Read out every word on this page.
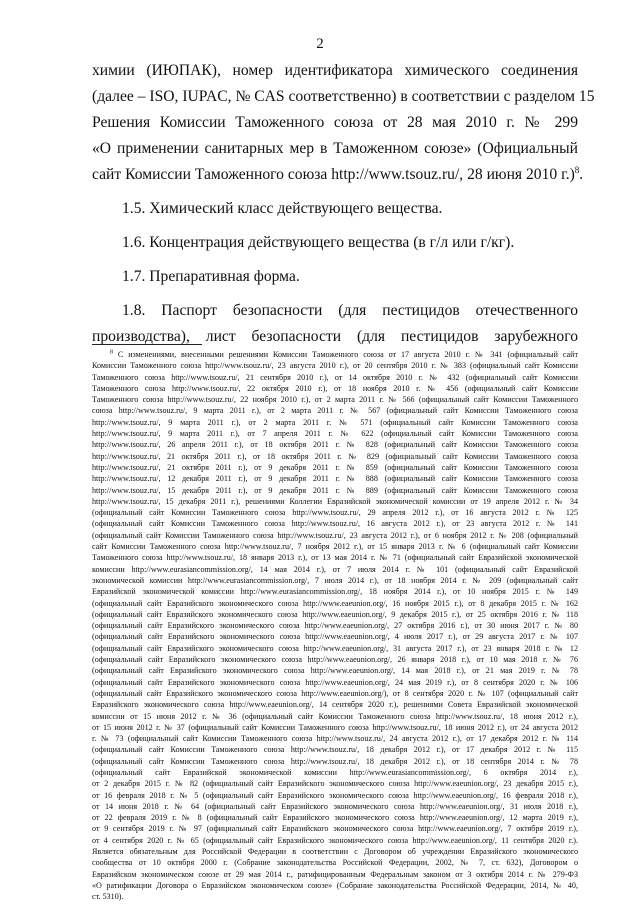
2
химии (ИЮПАК), номер идентификатора химического соединения
(далее – ISO, IUPAC, № CAS соответственно) в соответствии с разделом 15
Решения Комиссии Таможенного союза от 28 мая 2010 г. № 299
«О применении санитарных мер в Таможенном союзе» (Официальный
сайт Комиссии Таможенного союза http://www.tsouz.ru/, 28 июня 2010 г.)$^8$.
1.5. Химический класс действующего вещества.
1.6. Концентрация действующего вещества (в г/л или г/кг).
1.7. Препаративная форма.
1.8. Паспорт безопасности (для пестицидов отечественного
производства), лист безопасности (для пестицидов зарубежного
$^8$ С изменениями, внесенными решениями Комиссии Таможенного союза от 17 августа 2010 г. № 341 (официальный сайт
Комиссии Таможенного союза http://www.tsouz.ru/, 23 августа 2010 г.), от 20 сентября 2010 г. № 383 (официальный сайт Комиссии
Таможенного союза http://www.tsouz.ru/, 21 сентября 2010 г.), от 14 октября 2010 г. № 432 (официальный сайт Комиссии
Таможенного союза http://www.tsouz.ru/, 22 октября 2010 г.), от 18 ноября 2010 г. № 456 (официальный сайт Комиссии
Таможенного союза http://www.tsouz.ru/, 22 ноября 2010 г.), от 2 марта 2011 г. № 566 (официальный сайт Комиссии Таможенного
союза http://www.tsouz.ru/, 9 марта 2011 г.), от 2 марта 2011 г. № 567 (официальный сайт Комиссии Таможенного союза
http://www.tsouz.ru/, 9 марта 2011 г.), от 2 марта 2011 г. № 571 (официальный сайт Комиссии Таможенного союза
http://www.tsouz.ru/, 9 марта 2011 г.), от 7 апреля 2011 г. № 622 (официальный сайт Комиссии Таможенного союза
http://www.tsouz.ru/, 26 апреля 2011 г.), от 18 октября 2011 г. № 828 (официальный сайт Комиссии Таможенного союза
http://www.tsouz.ru/, 21 октября 2011 г.), от 18 октября 2011 г. № 829 (официальный сайт Комиссии Таможенного союза
http://www.tsouz.ru/, 21 октября 2011 г.), от 9 декабря 2011 г. № 859 (официальный сайт Комиссии Таможенного союза
http://www.tsouz.ru/, 12 декабря 2011 г.), от 9 декабря 2011 г. № 888 (официальный сайт Комиссии Таможенного союза
http://www.tsouz.ru/, 15 декабря 2011 г.), от 9 декабря 2011 г. № 889 (официальный сайт Комиссии Таможенного союза
http://www.tsouz.ru/, 15 декабря 2011 г.), решениями Коллегии Евразийской экономической комиссии от 19 апреля 2012 г. № 34
(официальный сайт Комиссии Таможенного союза http://www.tsouz.ru/, 29 апреля 2012 г.), от 16 августа 2012 г. № 125
(официальный сайт Комиссии Таможенного союза http://www.tsouz.ru/, 16 августа 2012 г.), от 23 августа 2012 г. № 141
(официальный сайт Комиссии Таможенного союза http://www.tsouz.ru/, 23 августа 2012 г.), от 6 ноября 2012 г. № 208 (официальный
сайт Комиссии Таможенного союза http://www.tsouz.ru/, 7 ноября 2012 г.), от 15 января 2013 г. № 6 (официальный сайт Комиссии
Таможенного союза http://www.tsouz.ru/, 18 января 2013 г.), от 13 мая 2014 г. № 71 (официальный сайт Евразийской экономической
комиссии http://www.eurasiancommission.org/, 14 мая 2014 г.), от 7 июля 2014 г. № 101 (официальный сайт Евразийской
экономической комиссии http://www.eurasiancommission.org/, 7 июля 2014 г.), от 18 ноября 2014 г. № 209 (официальный сайт
Евразийской экономической комиссии http://www.eurasiancommission.org/, 18 ноября 2014 г.), от 10 ноября 2015 г. № 149
(официальный сайт Евразийского экономического союза http://www.eaeunion.org/, 16 ноября 2015 г.), от 8 декабря 2015 г. № 162
(официальный сайт Евразийского экономического союза http://www.eaeunion.org/, 9 декабря 2015 г.), от 25 октября 2016 г. № 118
(официальный сайт Евразийского экономического союза http://www.eaeunion.org/, 27 октября 2016 г.), от 30 июня 2017 г. № 80
(официальный сайт Евразийского экономического союза http://www.eaeunion.org/, 4 июля 2017 г.), от 29 августа 2017 г. № 107
(официальный сайт Евразийского экономического союза http://www.eaeunion.org/, 31 августа 2017 г.), от 23 января 2018 г. № 12
(официальный сайт Евразийского экономического союза http://www.eaeunion.org/, 26 января 2018 г.), от 10 мая 2018 г. № 76
(официальный сайт Евразийского экономического союза http://www.eaeunion.org/, 14 мая 2018 г.), от 21 мая 2019 г. № 78
(официальный сайт Евразийского экономического союза http://www.eaeunion.org/, 24 мая 2019 г.), от 8 сентября 2020 г. № 106
(официальный сайт Евразийского экономического союза http://www.eaeunion.org/), от 8 сентября 2020 г. № 107 (официальный сайт
Евразийского экономического союза http://www.eaeunion.org/, 14 сентября 2020 г.), решениями Совета Евразийской экономической
комиссии от 15 июня 2012 г. № 36 (официальный сайт Комиссии Таможенного союза http://www.tsouz.ru/, 18 июня 2012 г.),
от 15 июня 2012 г. № 37 (официальный сайт Комиссии Таможенного союза http://www.tsouz.ru/, 18 июня 2012 г.), от 24 августа 2012
г. № 73 (официальный сайт Комиссии Таможенного союза http://www.tsouz.ru/, 24 августа 2012 г.), от 17 декабря 2012 г. № 114
(официальный сайт Комиссии Таможенного союза http://www.tsouz.ru/, 18 декабря 2012 г.), от 17 декабря 2012 г. № 115
(официальный сайт Комиссии Таможенного союза http://www.tsouz.ru/, 18 декабря 2012 г.), от 18 сентября 2014 г. № 78
(официальный сайт Евразийской экономической комиссии http://www.eurasiancommission.org/, 6 октября 2014 г.),
от 2 декабря 2015 г. № 82 (официальный сайт Евразийского экономического союза http://www.eaeunion.org/, 23 декабря 2015 г.),
от 16 февраля 2018 г. № 5 (официальный сайт Евразийского экономического союза http://www.eaeunion.org/, 16 февраля 2018 г.),
от 14 июня 2018 г. № 64 (официальный сайт Евразийского экономического союза http://www.eaeunion.org/, 31 июля 2018 г.),
от 22 февраля 2019 г. № 8 (официальный сайт Евразийского экономического союза http://www.eaeunion.org/, 12 марта 2019 г.),
от 9 сентября 2019 г. № 97 (официальный сайт Евразийского экономического союза http://www.eaeunion.org/, 7 октября 2019 г.),
от 4 сентября 2020 г. № 65 (официальный сайт Евразийского экономического союза http://www.eaeunion.org/, 11 сентября 2020 г.).
Является обязательным для Российской Федерации в соответствии с Договором об учреждении Евразийского экономического
сообщества от 10 октября 2000 г. (Собрание законодательства Российской Федерации, 2002, № 7, ст. 632), Договором о
Евразийском экономическом союзе от 29 мая 2014 г., ратифицированным Федеральным законом от 3 октября 2014 г. № 279-ФЗ
«О ратификации Договора о Евразийском экономическом союзе» (Собрание законодательства Российской Федерации, 2014, № 40,
ст. 5310).
